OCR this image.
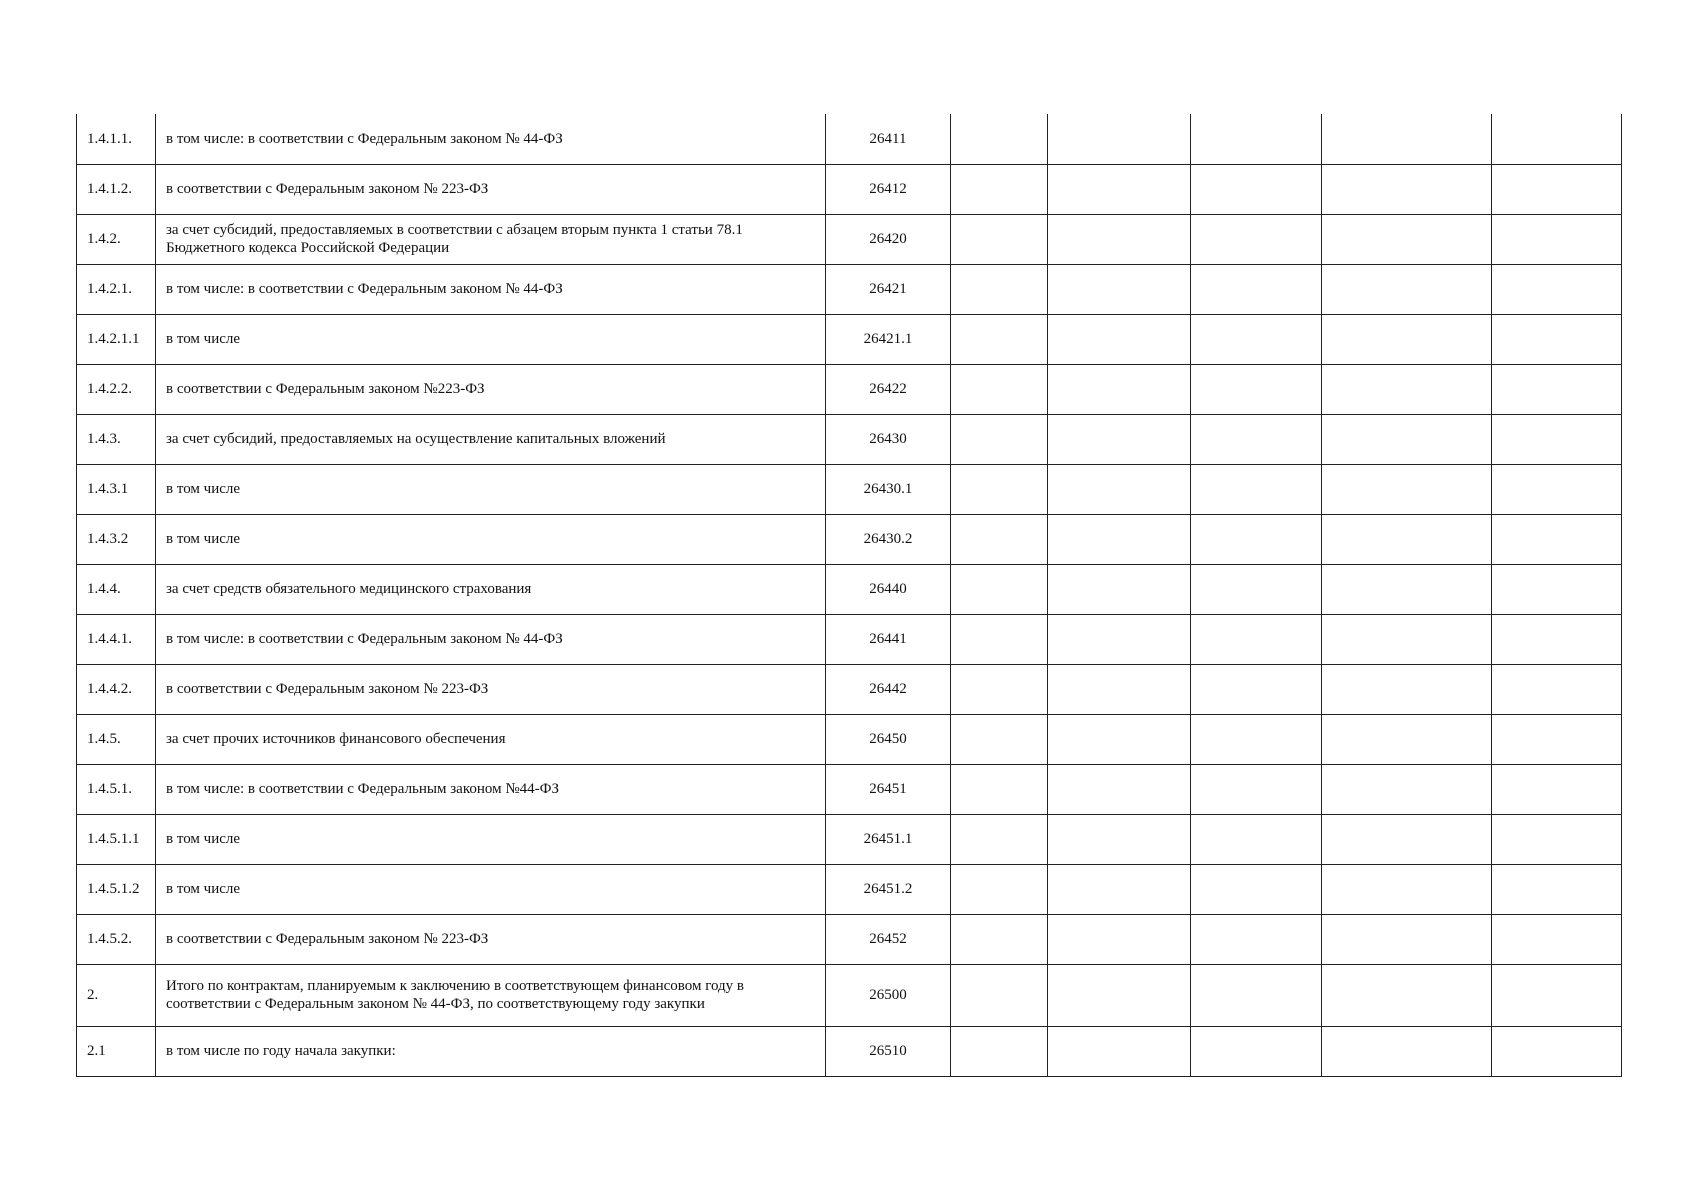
1.4.1.1.	в том числе: в соответствии с Федеральным законом № 44-ФЗ	26411					
1.4.1.2.	в соответствии с Федеральным законом № 223-ФЗ	26412					
1.4.2.	за счет субсидий, предоставляемых в соответствии с абзацем вторым пункта 1 статьи 78.1 Бюджетного кодекса Российской Федерации	26420					
1.4.2.1.	в том числе: в соответствии с Федеральным законом № 44-ФЗ	26421					
1.4.2.1.1	в том числе	26421.1					
1.4.2.2.	в соответствии с Федеральным законом №223-ФЗ	26422					
1.4.3.	за счет субсидий, предоставляемых на осуществление капитальных вложений	26430					
1.4.3.1	в том числе	26430.1					
1.4.3.2	в том числе	26430.2					
1.4.4.	за счет средств обязательного медицинского страхования	26440					
1.4.4.1.	в том числе: в соответствии с Федеральным законом № 44-ФЗ	26441					
1.4.4.2.	в соответствии с Федеральным законом № 223-ФЗ	26442					
1.4.5.	за счет прочих источников финансового обеспечения	26450					
1.4.5.1.	в том числе: в соответствии с Федеральным законом №44-ФЗ	26451					
1.4.5.1.1	в том числе	26451.1					
1.4.5.1.2	в том числе	26451.2					
1.4.5.2.	в соответствии с Федеральным законом № 223-ФЗ	26452					
2.	Итого по контрактам, планируемым к заключению в соответствующем финансовом году в соответствии с Федеральным законом № 44-ФЗ, по соответствующему году закупки	26500					
2.1	в том числе по году начала закупки:	26510					
